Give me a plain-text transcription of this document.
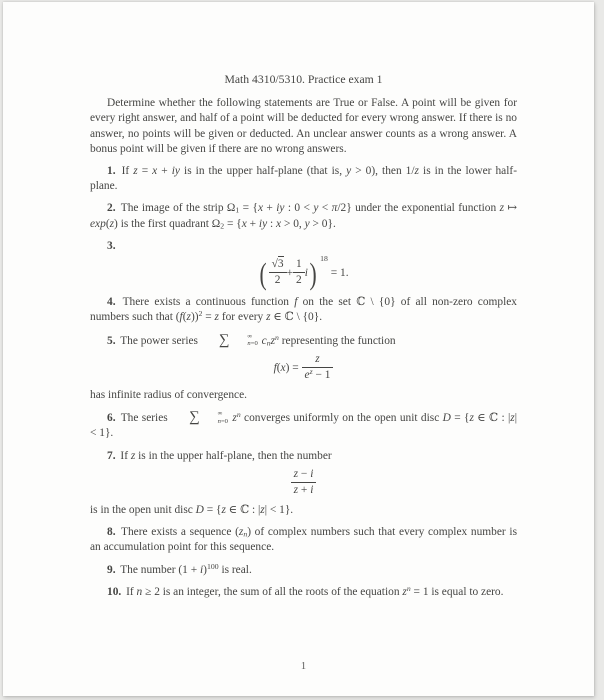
Math 4310/5310. Practice exam 1

Determine whether the following statements are True or False. A point will be given for every right answer, and half of a point will be deducted for every wrong answer. If there is no answer, no points will be given or deducted. An unclear answer counts as a wrong answer. A bonus point will be given if there are no wrong answers.

1. If z = x + iy is in the upper half-plane (that is, y > 0), then 1/z is in the lower half-plane.

2. The image of the strip Ω1 = {x + iy : 0 < y < π/2} under the exponential function z ↦ exp(z) is the first quadrant Ω2 = {x + iy : x > 0, y > 0}.

3.

( $\frac{√3}{2} + \frac{1}{2}$ i ) 18
= 1.

4. There exists a continuous function f on the set ℂ \ {0} of all non-zero complex numbers such that $(f(z))^2 = z$ for every z ∈ ℂ \ {0}.

5. The power series	∑	∞
n=0 cnz$^n$ representing the function

$f(x) = \frac{z}{e^z - 1}$

has infinite radius of convergence.

6. The series	∑	∞
n=0 $z^n$ converges uniformly on the open unit disc D = {z ∈ ℂ : |z| < 1}.

7. If z is in the upper half-plane, then the number

$\frac{z - i}{z + i}$

is in the open unit disc D = {z ∈ ℂ : |z| < 1}.

8. There exists a sequence (zn) of complex numbers such that every complex number is an accumulation point for this sequence.

9. The number $(1 + i)^{100}$ is real.

10. If n ≥ 2 is an integer, the sum of all the roots of the equation $z^n = 1$ is equal to zero.

1
